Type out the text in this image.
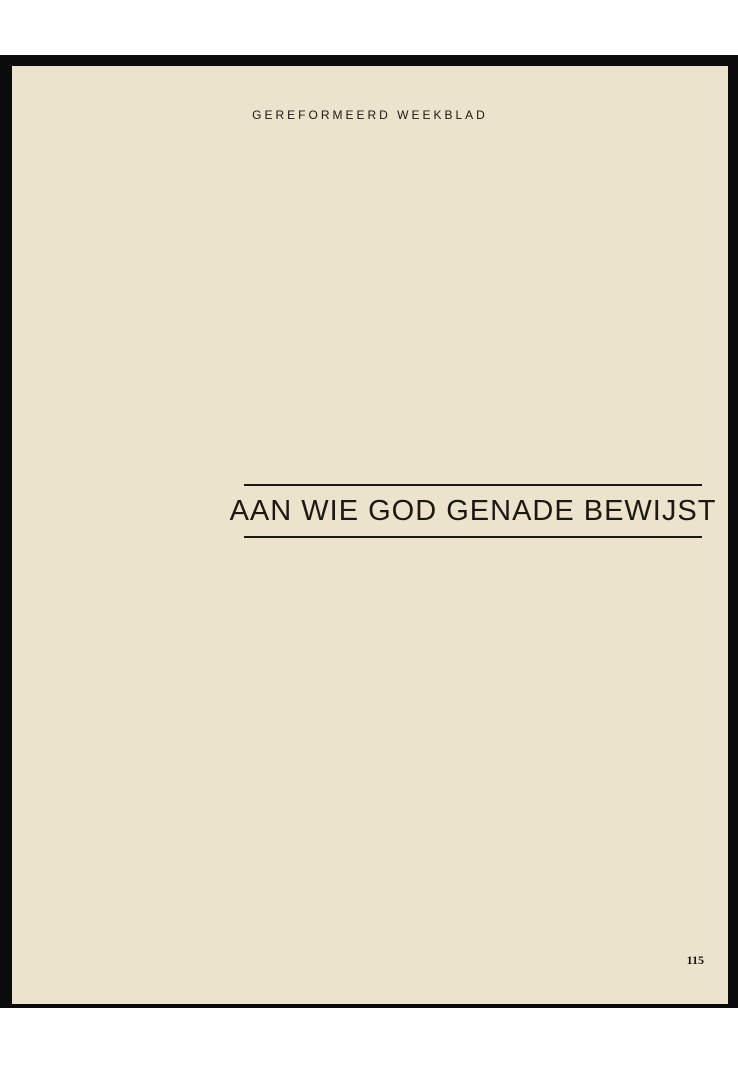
GEREFORMEERD WEEKBLAD
AAN WIE GOD GENADE BEWIJST
115
